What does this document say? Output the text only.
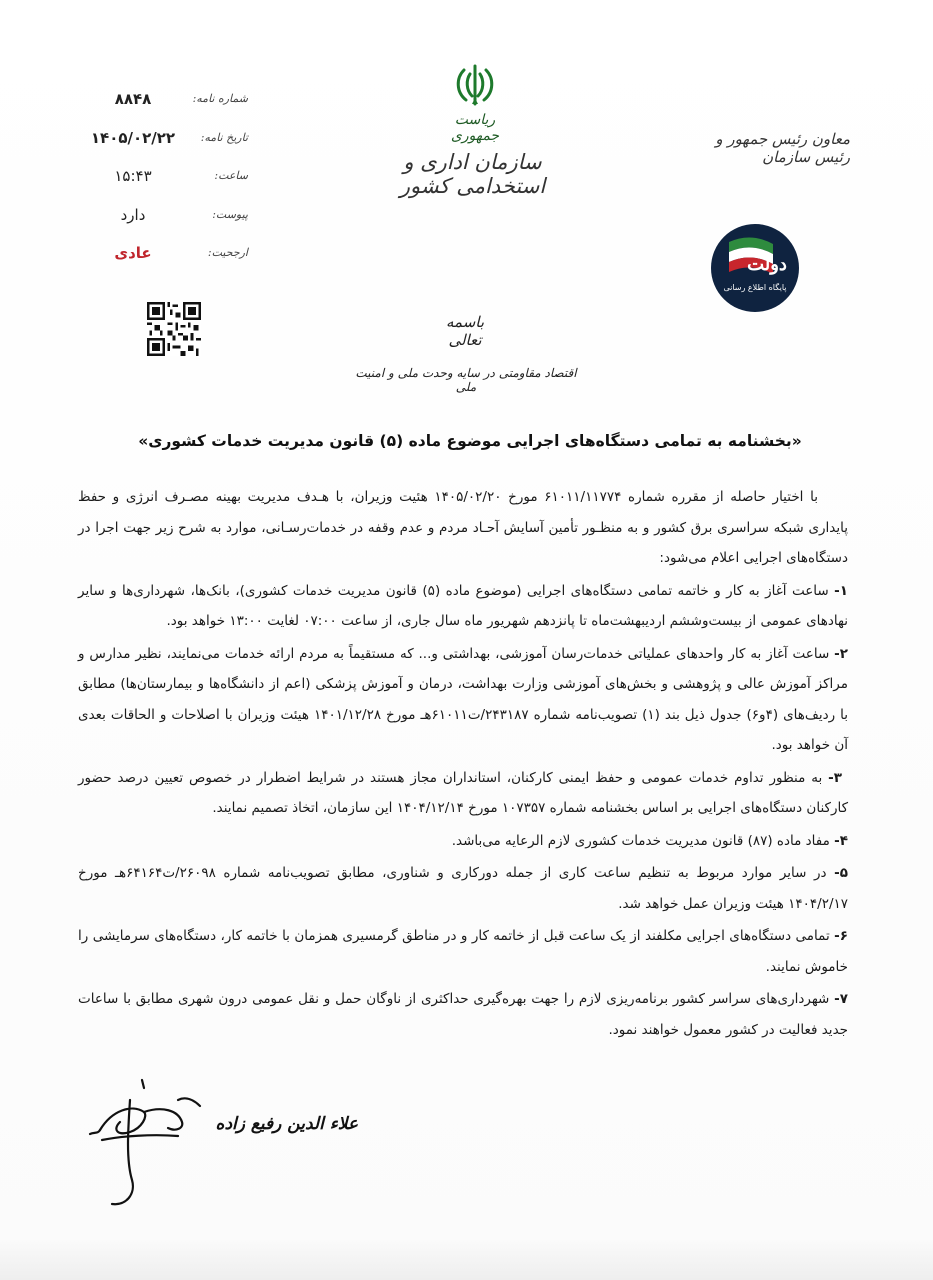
شماره نامه:
۸۸۴۸
تاریخ نامه:
۱۴۰۵/۰۲/۲۲
ساعت:
۱۵:۴۳
پیوست:
دارد
ارجحیت:
عادی
ریاست جمهوری
سازمان اداری و استخدامی کشور
معاون رئیس جمهور و رئیس سازمان
دولت
پایگاه اطلاع رسانی
باسمه تعالی
اقتصاد مقاومتی در سایه وحدت ملی و امنیت ملی
«بخشنامه به تمامی دستگاه‌های اجرایی موضوع ماده (۵) قانون مدیریت خدمات کشوری»

با اختیار حاصله از مقرره شماره ۶۱۰۱۱/۱۱۷۷۴ مورخ ۱۴۰۵/۰۲/۲۰ هئیت وزیران، با هـدف مدیریت بهینه مصـرف انرژی و حفظ پایداری شبکه سراسری برق کشور و به منظـور تأمین آسایش آحـاد مردم و عدم وقفه در خدمات‌رسـانی، موارد به شرح زیر جهت اجرا در دستگاه‌های اجرایی اعلام می‌شود:

۱- ساعت آغاز به کار و خاتمه تمامی دستگاه‌های اجرایی (موضوع ماده (۵) قانون مدیریت خدمات کشوری)، بانک‌ها، شهرداری‌ها و سایر نهادهای عمومی از بیست‌وششم اردیبهشت‌ماه تا پانزدهم شهریور ماه سال جاری، از ساعت ۰۷:۰۰ لغایت ۱۳:۰۰ خواهد بود.

۲- ساعت آغاز به کار واحدهای عملیاتی خدمات‌رسان آموزشی، بهداشتی و... که مستقیماً به مردم ارائه خدمات می‌نمایند، نظیر مدارس و مراکز آموزش عالی و پژوهشی و بخش‌های آموزشی وزارت بهداشت، درمان و آموزش پزشکی (اعم از دانشگاه‌ها و بیمارستان‌ها) مطابق با ردیف‌های (۴و۶) جدول ذیل بند (۱) تصویب‌نامه شماره ۲۴۳۱۸۷/ت۶۱۰۱۱هـ مورخ ۱۴۰۱/۱۲/۲۸ هیئت وزیران با اصلاحات و الحاقات بعدی آن خواهد بود.

۳- به منظور تداوم خدمات عمومی و حفظ ایمنی کارکنان، استانداران مجاز هستند در شرایط اضطرار در خصوص تعیین درصد حضور کارکنان دستگاه‌های اجرایی بر اساس بخشنامه شماره ۱۰۷۳۵۷ مورخ ۱۴۰۴/۱۲/۱۴ این سازمان، اتخاذ تصمیم نمایند.

۴- مفاد ماده (۸۷) قانون مدیریت خدمات کشوری لازم الرعایه می‌باشد.

۵- در سایر موارد مربوط به تنظیم ساعت کاری از جمله دورکاری و شناوری، مطابق تصویب‌نامه شماره ۲۶۰۹۸/ت۶۴۱۶۴هـ مورخ ۱۴۰۴/۲/۱۷ هیئت وزیران عمل خواهد شد.

۶- تمامی دستگاه‌های اجرایی مکلفند از یک ساعت قبل از خاتمه کار و در مناطق گرمسیری همزمان با خاتمه کار، دستگاه‌های سرمایشی را خاموش نمایند.

۷- شهرداری‌های سراسر کشور برنامه‌ریزی لازم را جهت بهره‌گیری حداکثری از ناوگان حمل و نقل عمومی درون شهری مطابق با ساعات جدید فعالیت در کشور معمول خواهند نمود.

علاء الدین رفیع زاده
